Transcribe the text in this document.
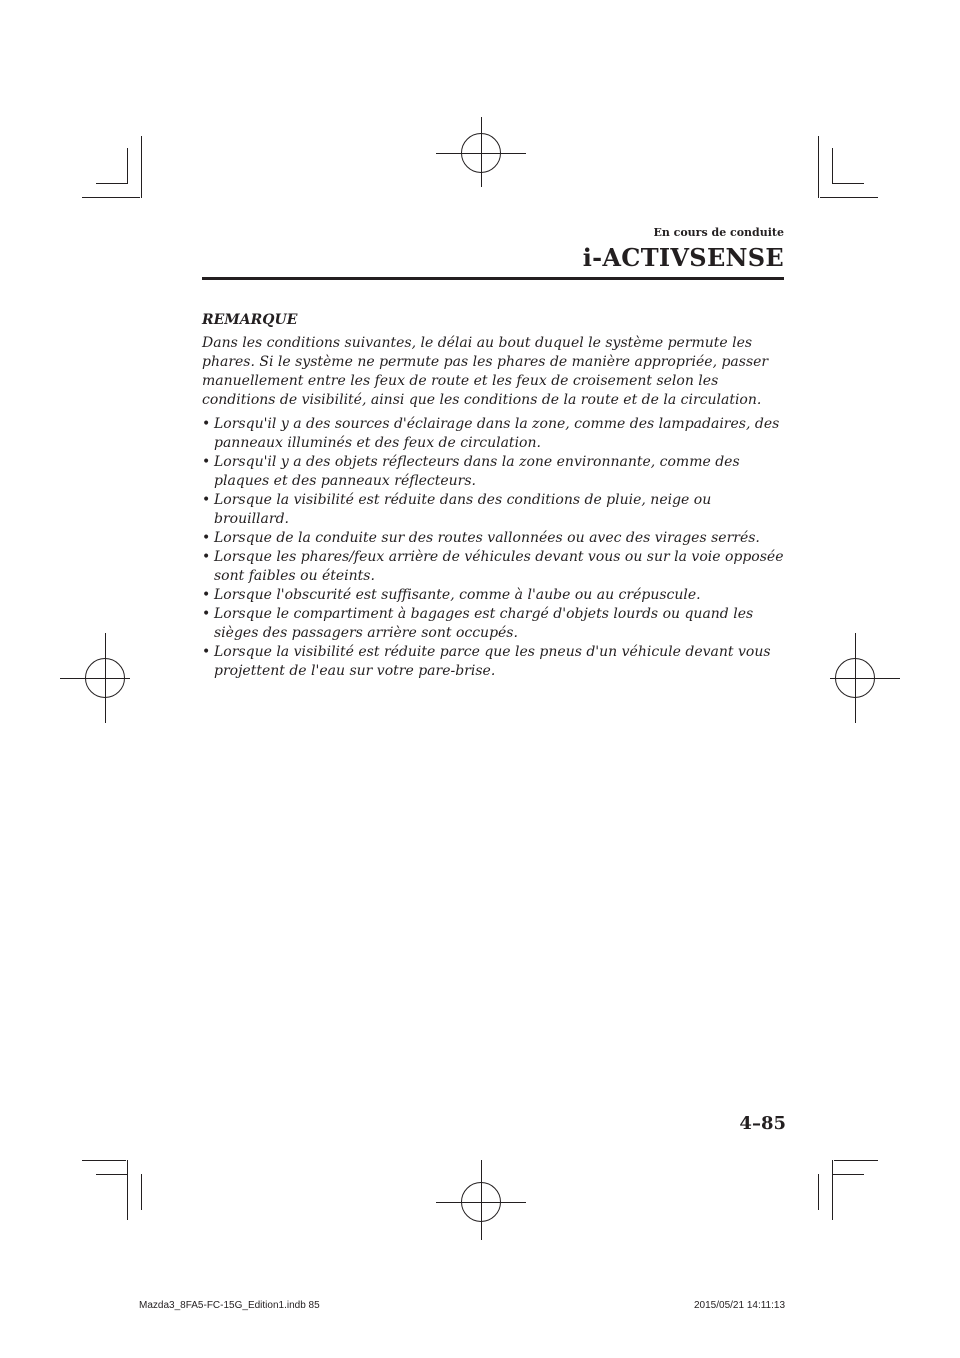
En cours de conduite
i-ACTIVSENSE
REMARQUE
Dans les conditions suivantes, le délai au bout duquel le système permute les phares. Si le système ne permute pas les phares de manière appropriée, passer manuellement entre les feux de route et les feux de croisement selon les conditions de visibilité, ainsi que les conditions de la route et de la circulation.
• Lorsqu'il y a des sources d'éclairage dans la zone, comme des lampadaires, des panneaux illuminés et des feux de circulation.
• Lorsqu'il y a des objets réflecteurs dans la zone environnante, comme des plaques et des panneaux réflecteurs.
• Lorsque la visibilité est réduite dans des conditions de pluie, neige ou brouillard.
• Lorsque de la conduite sur des routes vallonnées ou avec des virages serrés.
• Lorsque les phares/feux arrière de véhicules devant vous ou sur la voie opposée sont faibles ou éteints.
• Lorsque l'obscurité est suffisante, comme à l'aube ou au crépuscule.
• Lorsque le compartiment à bagages est chargé d'objets lourds ou quand les sièges des passagers arrière sont occupés.
• Lorsque la visibilité est réduite parce que les pneus d'un véhicule devant vous projettent de l'eau sur votre pare-brise.
4–85
Mazda3_8FA5-FC-15G_Edition1.indb 85	2015/05/21 14:11:13
